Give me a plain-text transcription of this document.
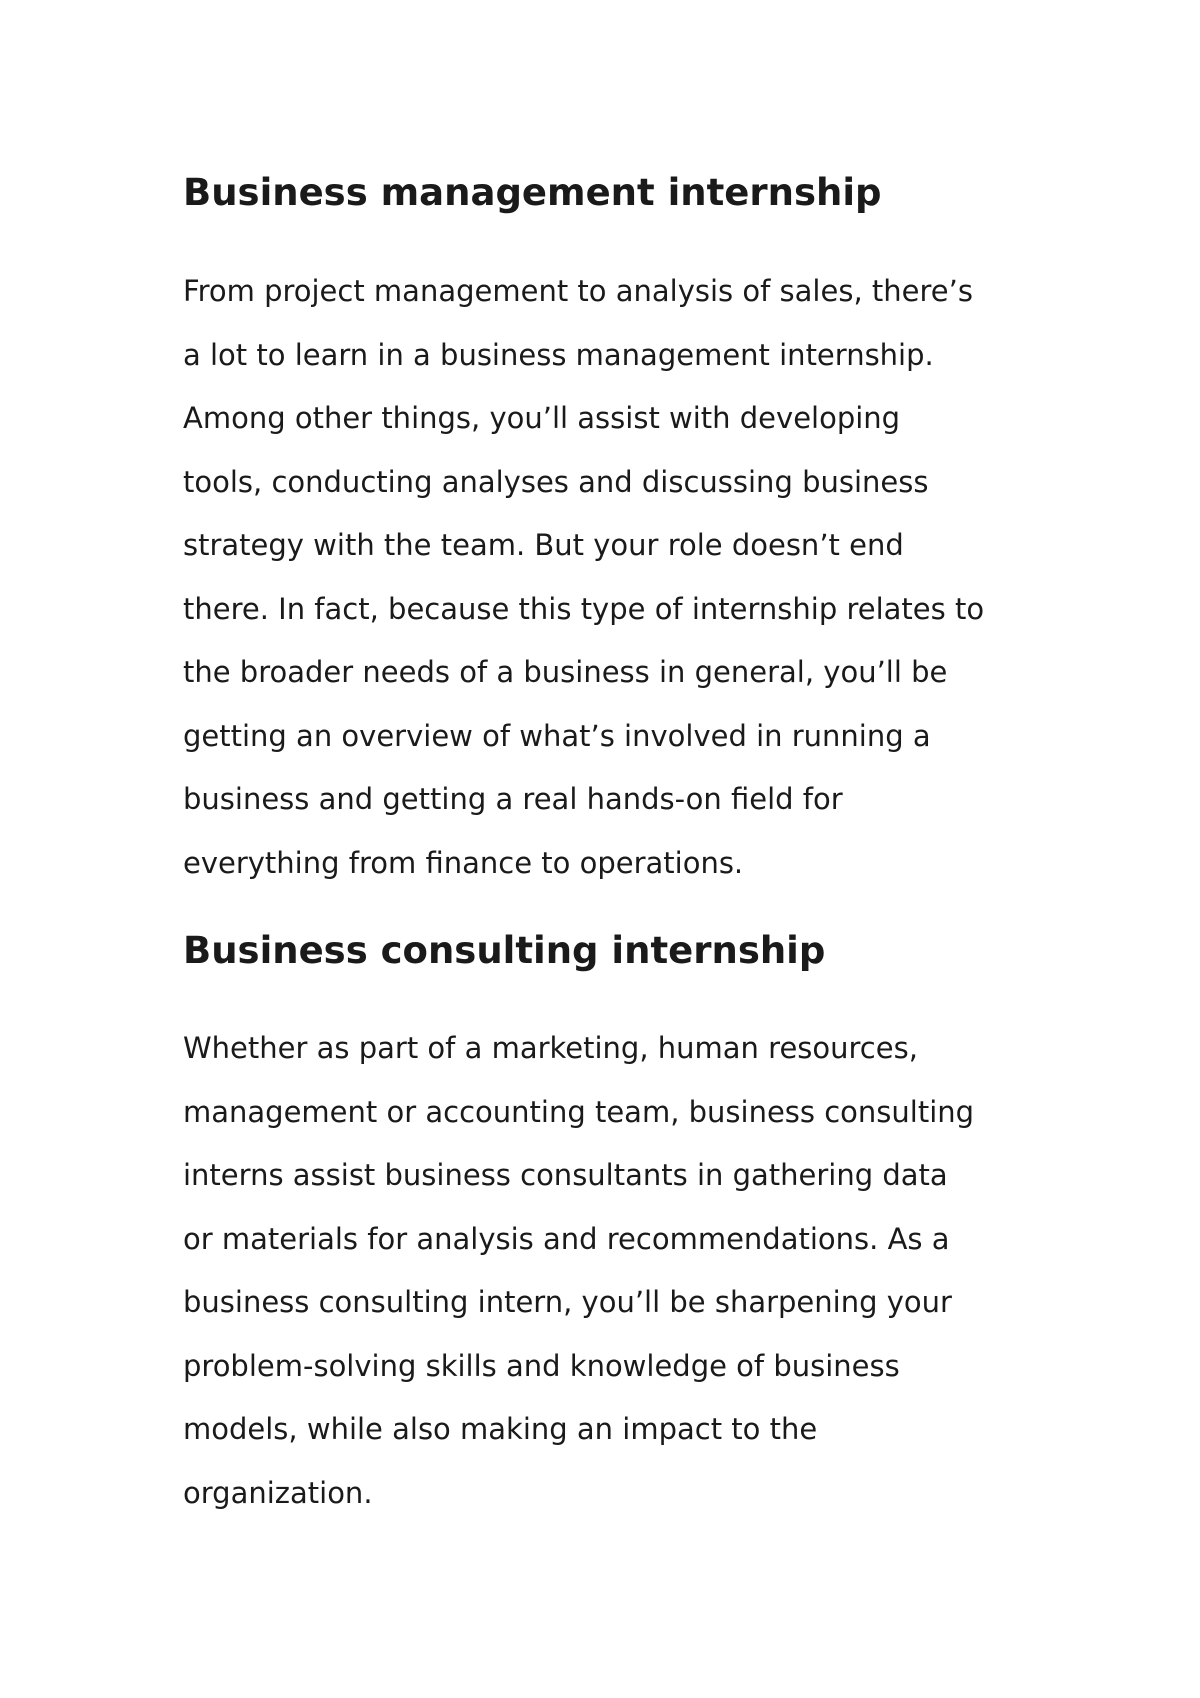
Business management internship
From project management to analysis of sales, there’s
a lot to learn in a business management internship.
Among other things, you’ll assist with developing
tools, conducting analyses and discussing business
strategy with the team. But your role doesn’t end
there. In fact, because this type of internship relates to
the broader needs of a business in general, you’ll be
getting an overview of what’s involved in running a
business and getting a real hands-on field for
everything from finance to operations.
Business consulting internship
Whether as part of a marketing, human resources,
management or accounting team, business consulting
interns assist business consultants in gathering data
or materials for analysis and recommendations. As a
business consulting intern, you’ll be sharpening your
problem-solving skills and knowledge of business
models, while also making an impact to the
organization.
